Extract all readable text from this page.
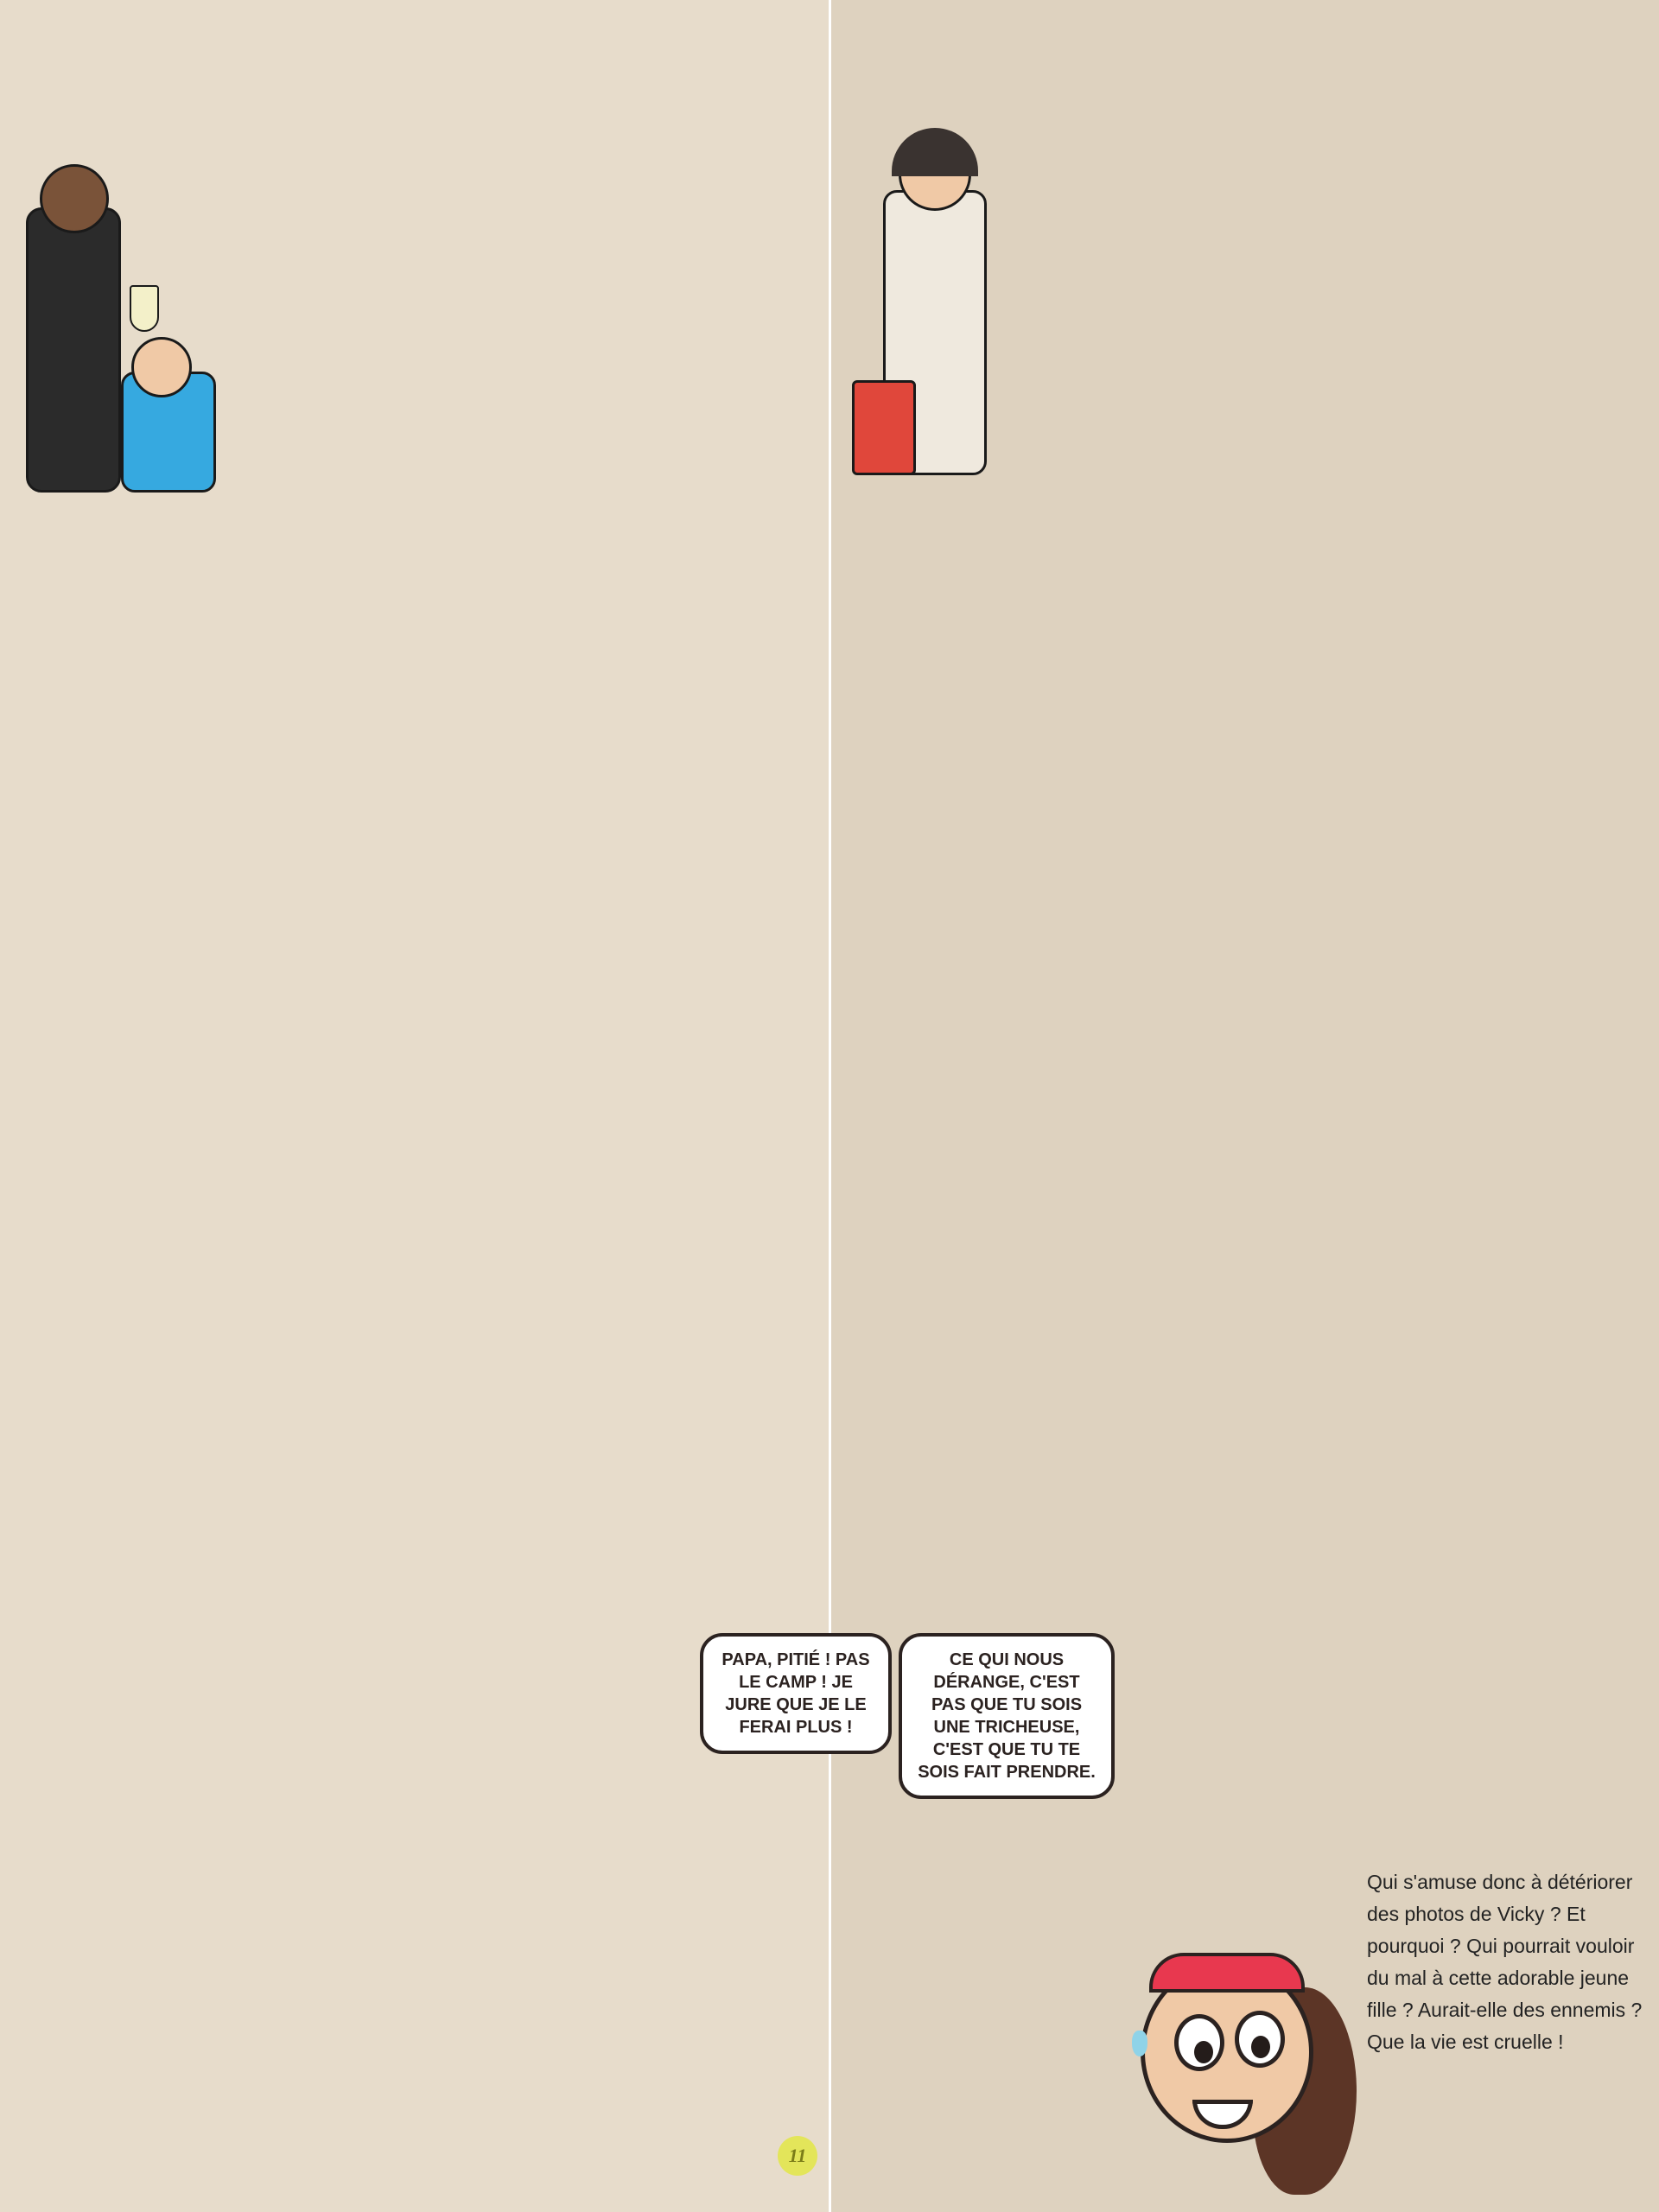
PAPA, PITIÉ ! PAS LE CAMP ! JE JURE QUE JE LE FERAI PLUS !
CE QUI NOUS DÉRANGE, C'EST PAS QUE TU SOIS UNE TRICHEUSE, C'EST QUE TU TE SOIS FAIT PRENDRE.
Qui s'amuse donc à détériorer des photos de Vicky ? Et pourquoi ? Qui pourrait vouloir du mal à cette adorable jeune fille ? Aurait-elle des ennemis ? Que la vie est cruelle !
11
